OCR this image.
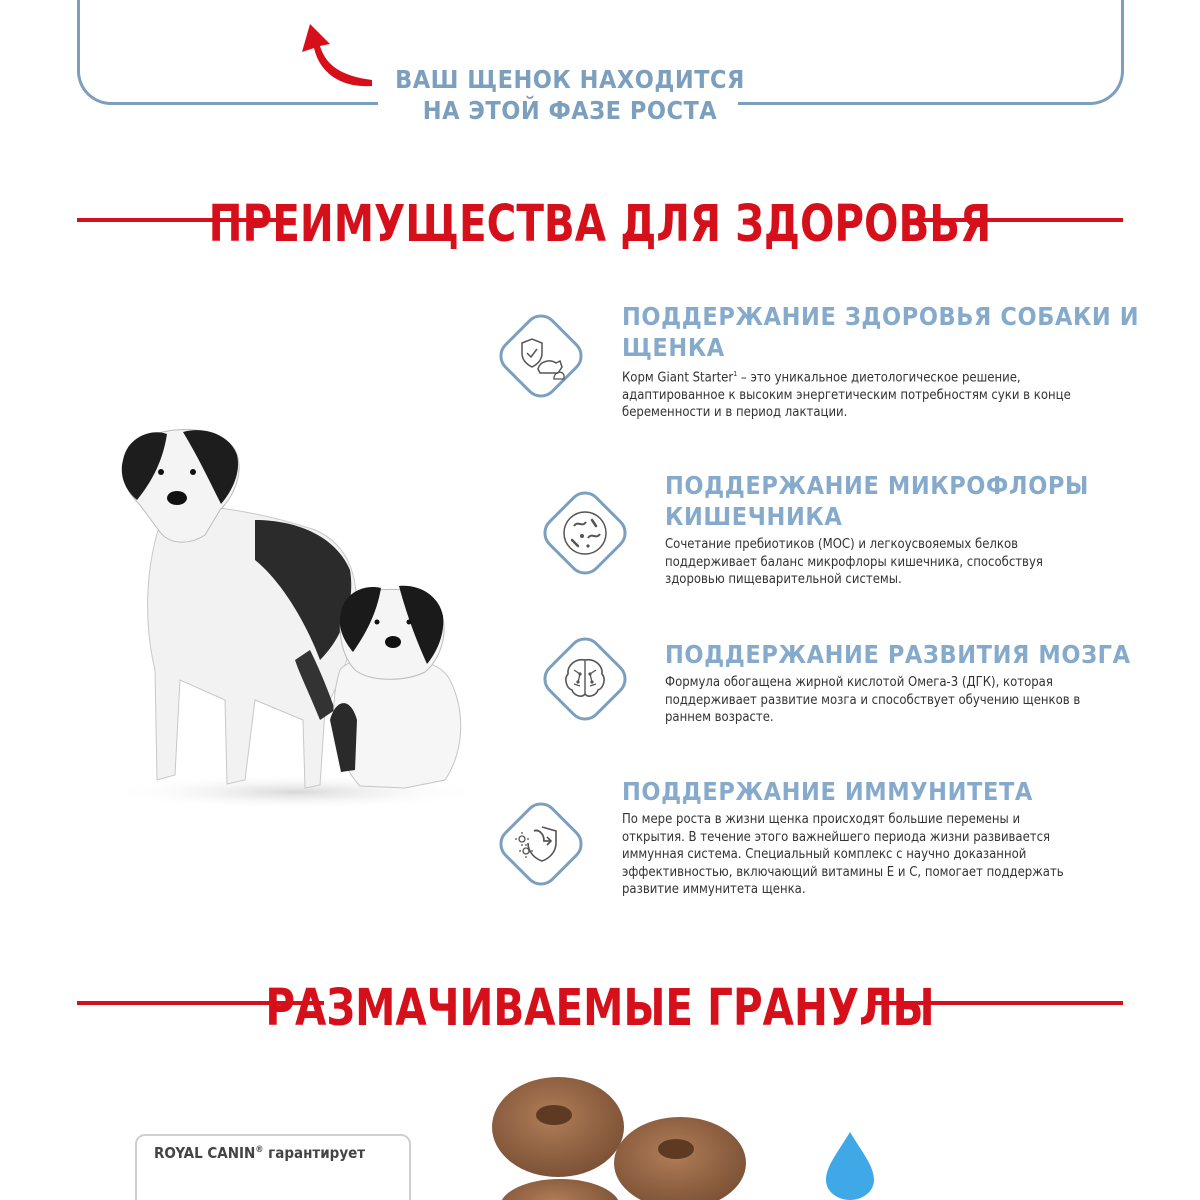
ВАШ ЩЕНОК НАХОДИТСЯ
НА ЭТОЙ ФАЗЕ РОСТА
ПРЕИМУЩЕСТВА ДЛЯ ЗДОРОВЬЯ
ПОДДЕРЖАНИЕ ЗДОРОВЬЯ СОБАКИ И
ЩЕНКА
Корм Giant Starter$^1$ – это уникальное диетологическое решение,
адаптированное к высоким энергетическим потребностям суки в конце
беременности и в период лактации.
ПОДДЕРЖАНИЕ МИКРОФЛОРЫ
КИШЕЧНИКА
Сочетание пребиотиков (МОС) и легкоусвояемых белков
поддерживает баланс микрофлоры кишечника, способствуя
здоровью пищеварительной системы.
ПОДДЕРЖАНИЕ РАЗВИТИЯ МОЗГА
Формула обогащена жирной кислотой Омега-3 (ДГК), которая
поддерживает развитие мозга и способствует обучению щенков в
раннем возрасте.
ПОДДЕРЖАНИЕ ИММУНИТЕТА
По мере роста в жизни щенка происходят большие перемены и
открытия. В течение этого важнейшего периода жизни развивается
иммунная система. Специальный комплекс с научно доказанной
эффективностью, включающий витамины Е и С, помогает поддержать
развитие иммунитета щенка.
РАЗМАЧИВАЕМЫЕ ГРАНУЛЫ
ROYAL CANIN® гарантирует
